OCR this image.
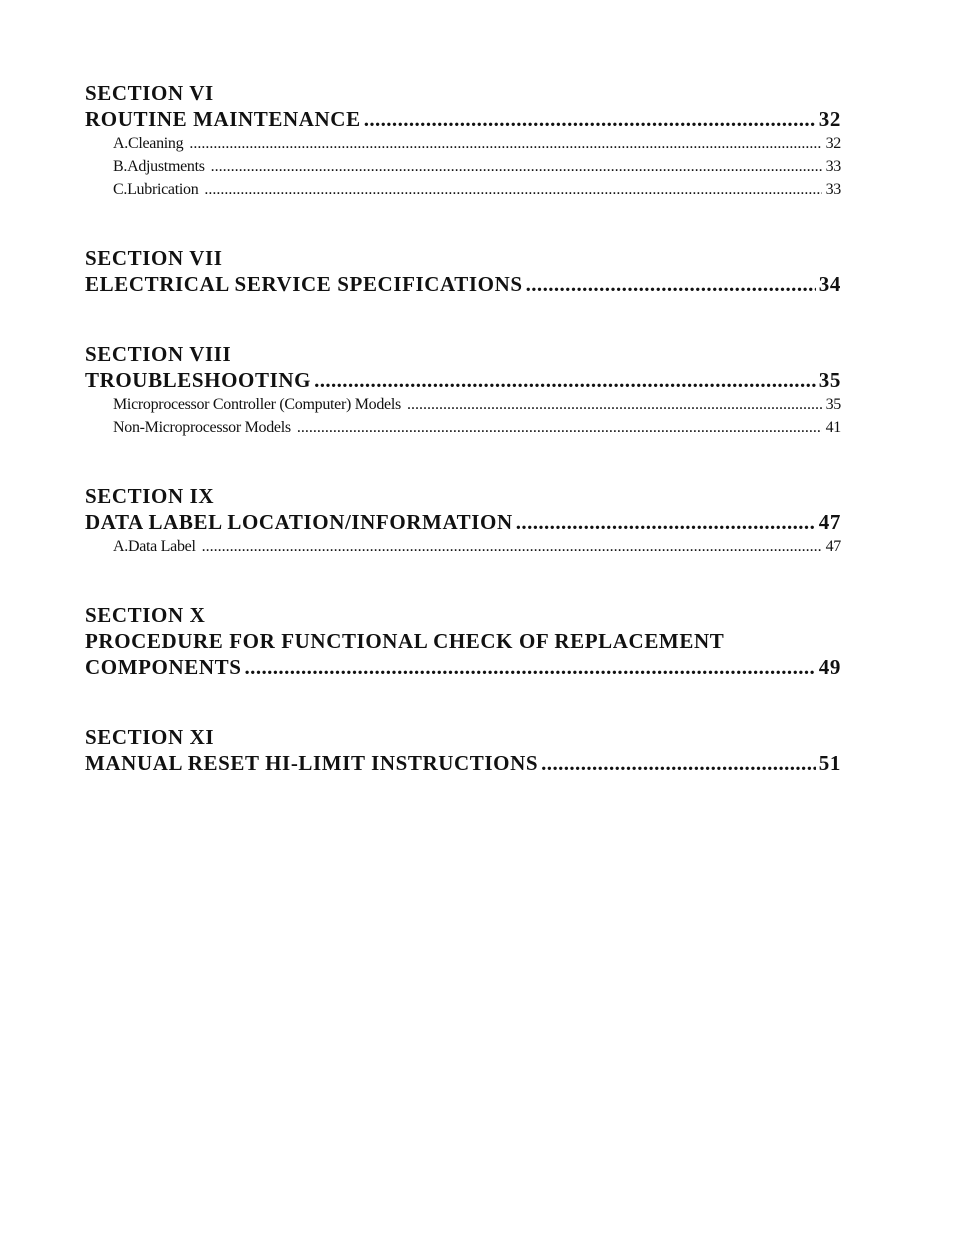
SECTION VI
ROUTINE MAINTENANCE .....	32
A. Cleaning .....	32
B. Adjustments .....	33
C. Lubrication .....	33
SECTION VII
ELECTRICAL SERVICE SPECIFICATIONS .....	34
SECTION VIII
TROUBLESHOOTING .....	35
Microprocessor Controller (Computer) Models .....	35
Non-Microprocessor Models .....	41
SECTION IX
DATA LABEL LOCATION/INFORMATION .....	47
A. Data Label .....	47
SECTION X
PROCEDURE FOR FUNCTIONAL CHECK OF REPLACEMENT
COMPONENTS .....	49
SECTION XI
MANUAL RESET HI-LIMIT INSTRUCTIONS .....	51
